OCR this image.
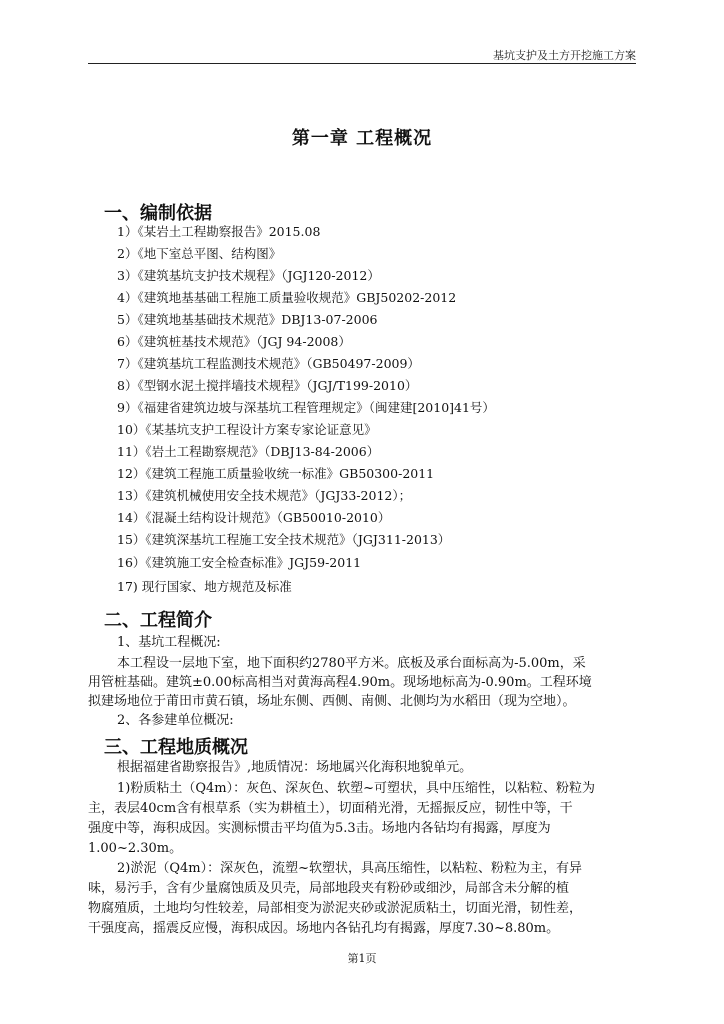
基坑支护及土方开挖施工方案
第一章 工程概况
一、编制依据
1）《某岩土工程勘察报告》2015.08
2）《地下室总平图、结构图》
3）《建筑基坑支护技术规程》（JGJ120-2012）
4）《建筑地基基础工程施工质量验收规范》GBJ50202-2012
5）《建筑地基基础技术规范》DBJ13-07-2006
6）《建筑桩基技术规范》（JGJ 94-2008）
7）《建筑基坑工程监测技术规范》（GB50497-2009）
8）《型钢水泥土搅拌墙技术规程》（JGJ/T199-2010）
9）《福建省建筑边坡与深基坑工程管理规定》（闽建建[2010]41号）
10）《某基坑支护工程设计方案专家论证意见》
11）《岩土工程勘察规范》（DBJ13-84-2006）
12）《建筑工程施工质量验收统一标准》GB50300-2011
13）《建筑机械使用安全技术规范》（JGJ33-2012）；
14）《混凝土结构设计规范》（GB50010-2010）
15）《建筑深基坑工程施工安全技术规范》（JGJ311-2013）
16）《建筑施工安全检查标准》JGJ59-2011
17) 现行国家、地方规范及标准
二、工程简介
1、基坑工程概况:
本工程设一层地下室，地下面积约2780平方米。底板及承台面标高为-5.00m，采
用管桩基础。建筑±0.00标高相当对黄海高程4.90m。现场地标高为-0.90m。工程环境
拟建场地位于莆田市黄石镇，场址东侧、西侧、南侧、北侧均为水稻田（现为空地）。
2、各参建单位概况:
三、工程地质概况
根据福建省勘察报告》,地质情况：场地属兴化海积地貌单元。
1)粉质粘土（Q4m）：灰色、深灰色、软塑~可塑状，具中压缩性，以粘粒、粉粒为
主，表层40cm含有根草系（实为耕植土），切面稍光滑，无摇振反应，韧性中等，干
强度中等，海积成因。实测标惯击平均值为5.3击。场地内各钻均有揭露，厚度为
1.00~2.30m。
2)淤泥（Q4m）：深灰色，流塑~软塑状，具高压缩性，以粘粒、粉粒为主，有异
味，易污手，含有少量腐蚀质及贝壳，局部地段夹有粉砂或细沙，局部含未分解的植
物腐殖质，土地均匀性较差，局部相变为淤泥夹砂或淤泥质粘土，切面光滑，韧性差，
干强度高，摇震反应慢，海积成因。场地内各钻孔均有揭露，厚度7.30~8.80m。
第1页
